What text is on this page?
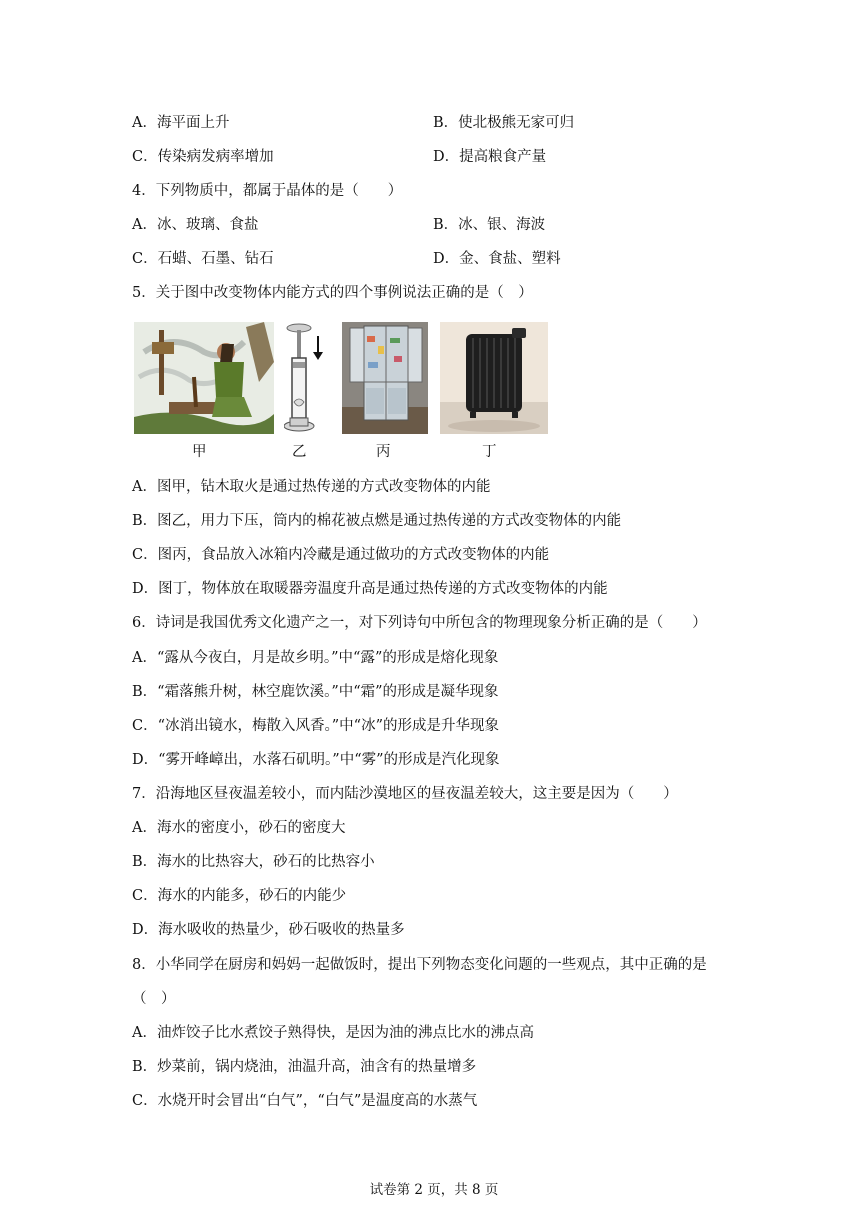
A．海平面上升	B．使北极熊无家可归
C．传染病发病率增加	D．提高粮食产量
4．下列物质中，都属于晶体的是（　　）
A．冰、玻璃、食盐	B．冰、银、海波
C．石蜡、石墨、钻石	D．金、食盐、塑料
5．关于图中改变物体内能方式的四个事例说法正确的是（　）
甲	乙	丙	丁
A．图甲，钻木取火是通过热传递的方式改变物体的内能
B．图乙，用力下压，筒内的棉花被点燃是通过热传递的方式改变物体的内能
C．图丙，食品放入冰箱内冷藏是通过做功的方式改变物体的内能
D．图丁，物体放在取暖器旁温度升高是通过热传递的方式改变物体的内能
6．诗词是我国优秀文化遗产之一，对下列诗句中所包含的物理现象分析正确的是（　　）
A．“露从今夜白，月是故乡明。”中“露”的形成是熔化现象
B．“霜落熊升树，林空鹿饮溪。”中“霜”的形成是凝华现象
C．“冰消出镜水，梅散入风香。”中“冰”的形成是升华现象
D．“雾开峰嶂出，水落石矶明。”中“雾”的形成是汽化现象
7．沿海地区昼夜温差较小，而内陆沙漠地区的昼夜温差较大，这主要是因为（　　）
A．海水的密度小，砂石的密度大
B．海水的比热容大，砂石的比热容小
C．海水的内能多，砂石的内能少
D．海水吸收的热量少，砂石吸收的热量多
8．小华同学在厨房和妈妈一起做饭时，提出下列物态变化问题的一些观点，其中正确的是
（　）
A．油炸饺子比水煮饺子熟得快，是因为油的沸点比水的沸点高
B．炒菜前，锅内烧油，油温升高，油含有的热量增多
C．水烧开时会冒出“白气”，“白气”是温度高的水蒸气
试卷第 2 页，共 8 页
